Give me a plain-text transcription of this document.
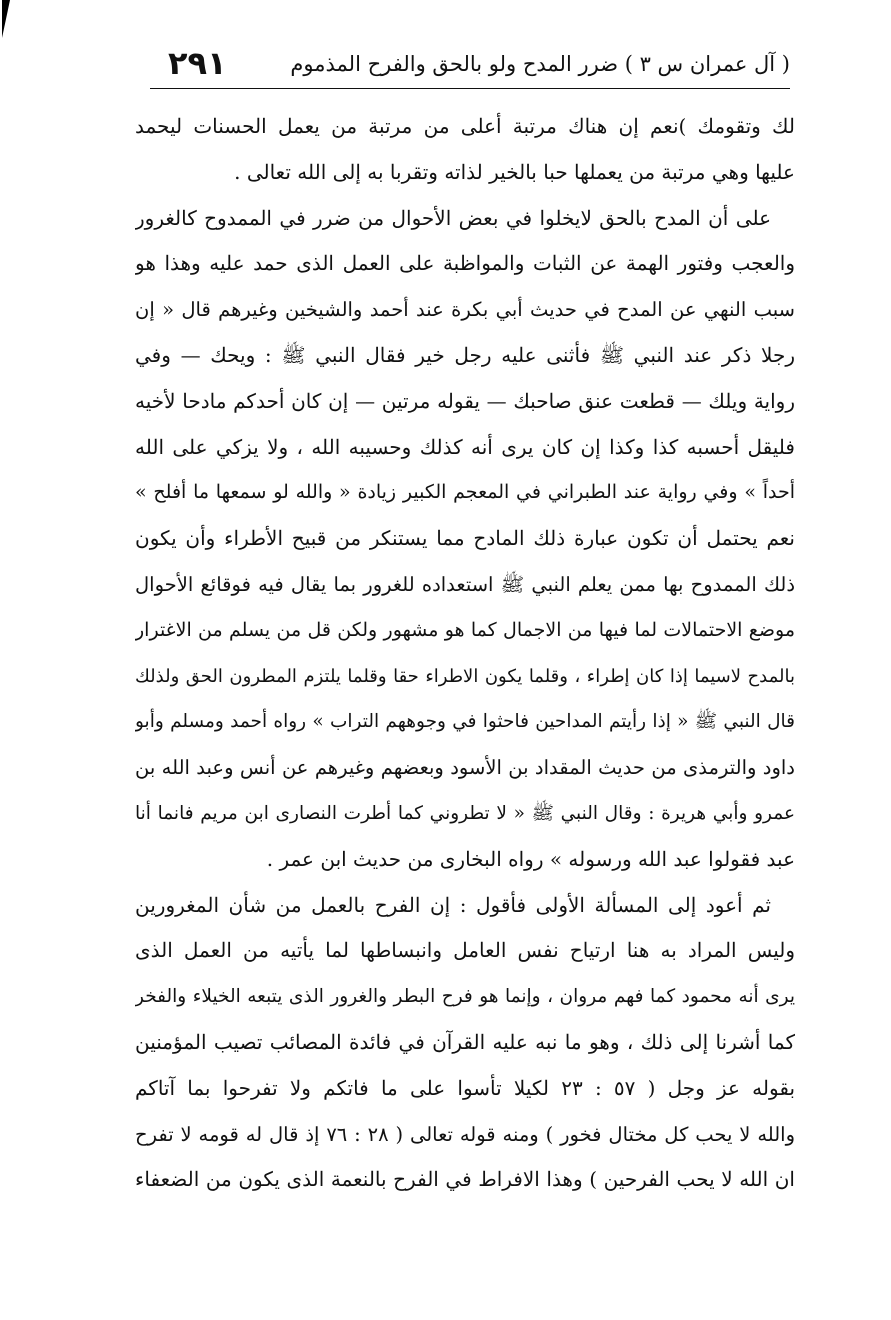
( آل عمران س ٣ ) ضرر المدح ولو بالحق والفرح المذموم
٢٩١
لك وتقومك )نعم إن هناك مرتبة أعلى من مرتبة من يعمل الحسنات ليحمد
عليها وهي مرتبة من يعملها حبا بالخير لذاته وتقربا به إلى الله تعالى .
على أن المدح بالحق لايخلوا في بعض الأحوال من ضرر في الممدوح كالغرور
والعجب وفتور الهمة عن الثبات والمواظبة على العمل الذى حمد عليه وهذا هو
سبب النهي عن المدح في حديث أبي بكرة عند أحمد والشيخين وغيرهم قال « إن
رجلا ذكر عند النبي ﷺ فأثنى عليه رجل خير فقال النبي ﷺ : ويحك — وفي
رواية ويلك — قطعت عنق صاحبك — يقوله مرتين — إن كان أحدكم مادحا لأخيه
فليقل أحسبه كذا وكذا إن كان يرى أنه كذلك وحسيبه الله ، ولا يزكي على الله
أحداً » وفي رواية عند الطبراني في المعجم الكبير زيادة « والله لو سمعها ما أفلح »
نعم يحتمل أن تكون عبارة ذلك المادح مما يستنكر من قبيح الأطراء وأن يكون
ذلك الممدوح بها ممن يعلم النبي ﷺ استعداده للغرور بما يقال فيه فوقائع الأحوال
موضع الاحتمالات لما فيها من الاجمال كما هو مشهور ولكن قل من يسلم من الاغترار
بالمدح لاسيما إذا كان إطراء ، وقلما يكون الاطراء حقا وقلما يلتزم المطرون الحق ولذلك
قال النبي ﷺ « إذا رأيتم المداحين فاحثوا في وجوههم التراب » رواه أحمد ومسلم وأبو
داود والترمذى من حديث المقداد بن الأسود وبعضهم وغيرهم عن أنس وعبد الله بن
عمرو وأبي هريرة : وقال النبي ﷺ « لا تطروني كما أطرت النصارى ابن مريم فانما أنا
عبد فقولوا عبد الله ورسوله » رواه البخارى من حديث ابن عمر .
ثم أعود إلى المسألة الأولى فأقول : إن الفرح بالعمل من شأن المغرورين
وليس المراد به هنا ارتياح نفس العامل وانبساطها لما يأتيه من العمل الذى
يرى أنه محمود كما فهم مروان ، وإنما هو فرح البطر والغرور الذى يتبعه الخيلاء والفخر
كما أشرنا إلى ذلك ، وهو ما نبه عليه القرآن في فائدة المصائب تصيب المؤمنين
بقوله عز وجل ( ٥٧ : ٢٣ لكيلا تأسوا على ما فاتكم ولا تفرحوا بما آتاكم
والله لا يحب كل مختال فخور ) ومنه قوله تعالى ( ٢٨ : ٧٦ إذ قال له قومه لا تفرح
ان الله لا يحب الفرحين ) وهذا الافراط في الفرح بالنعمة الذى يكون من الضعفاء
